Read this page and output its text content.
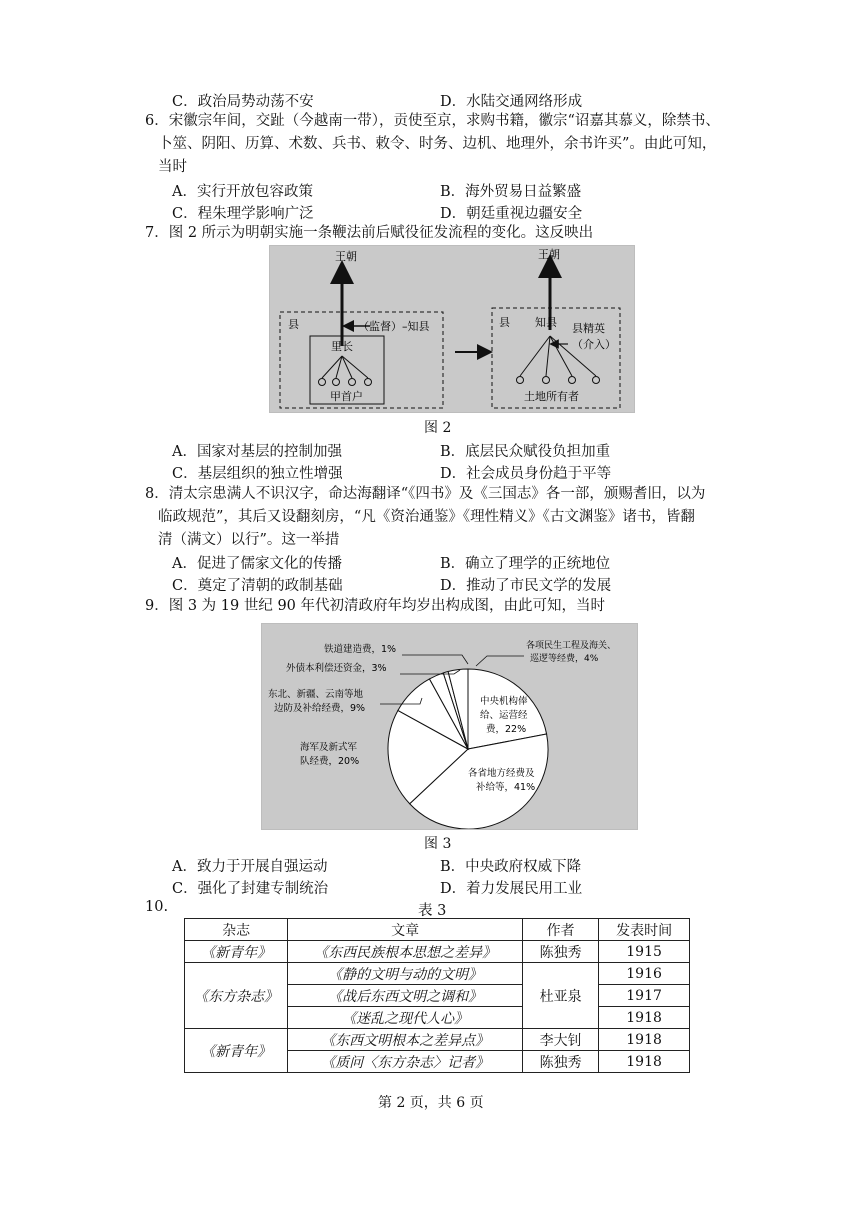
C．政治局势动荡不安	D．水陆交通网络形成
6．宋徽宗年间，交趾（今越南一带），贡使至京，求购书籍，徽宗“诏嘉其慕义，除禁书、
卜筮、阴阳、历算、术数、兵书、敕令、时务、边机、地理外，余书许买”。由此可知，
当时
A．实行开放包容政策	B．海外贸易日益繁盛
C．程朱理学影响广泛	D．朝廷重视边疆安全
7．图 2 所示为明朝实施一条鞭法前后赋役征发流程的变化。这反映出
王朝
县	（监督）–知县
里长
甲首户
王朝
县 知县 县精英
（介入）
土地所有者
图 2
A．国家对基层的控制加强	B．底层民众赋役负担加重
C．基层组织的独立性增强	D．社会成员身份趋于平等
8．清太宗患满人不识汉字，命达海翻译“《四书》及《三国志》各一部，颁赐耆旧，以为
临政规范”，其后又设翻刻房，“凡《资治通鉴》《理性精义》《古文渊鉴》诸书，皆翻
清（满文）以行”。这一举措
A．促进了儒家文化的传播	B．确立了理学的正统地位
C．奠定了清朝的政制基础	D．推动了市民文学的发展
9．图 3 为 19 世纪 90 年代初清政府年均岁出构成图，由此可知，当时
铁道建造费，1%
外债本利偿还资金，3%
东北、新疆、云南等地
边防及补给经费，9%
海军及新式军
队经费，20%
各项民生工程及海关、
巡逻等经费，4%
中央机构俸
给、运营经
费，22%
各省地方经费及
补给等，41%
图 3
A．致力于开展自强运动	B．中央政府权威下降
C．强化了封建专制统治	D．着力发展民用工业
10.	表 3
杂志	文章	作者	发表时间
《新青年》	《东西民族根本思想之差异》	陈独秀	1915
《东方杂志》	《静的文明与动的文明》	杜亚泉	1916
	《战后东西文明之调和》		1917
	《迷乱之现代人心》		1918
《新青年》	《东西文明根本之差异点》	李大钊	1918
	《质问〈东方杂志〉记者》	陈独秀	1918
第 2 页，共 6 页
